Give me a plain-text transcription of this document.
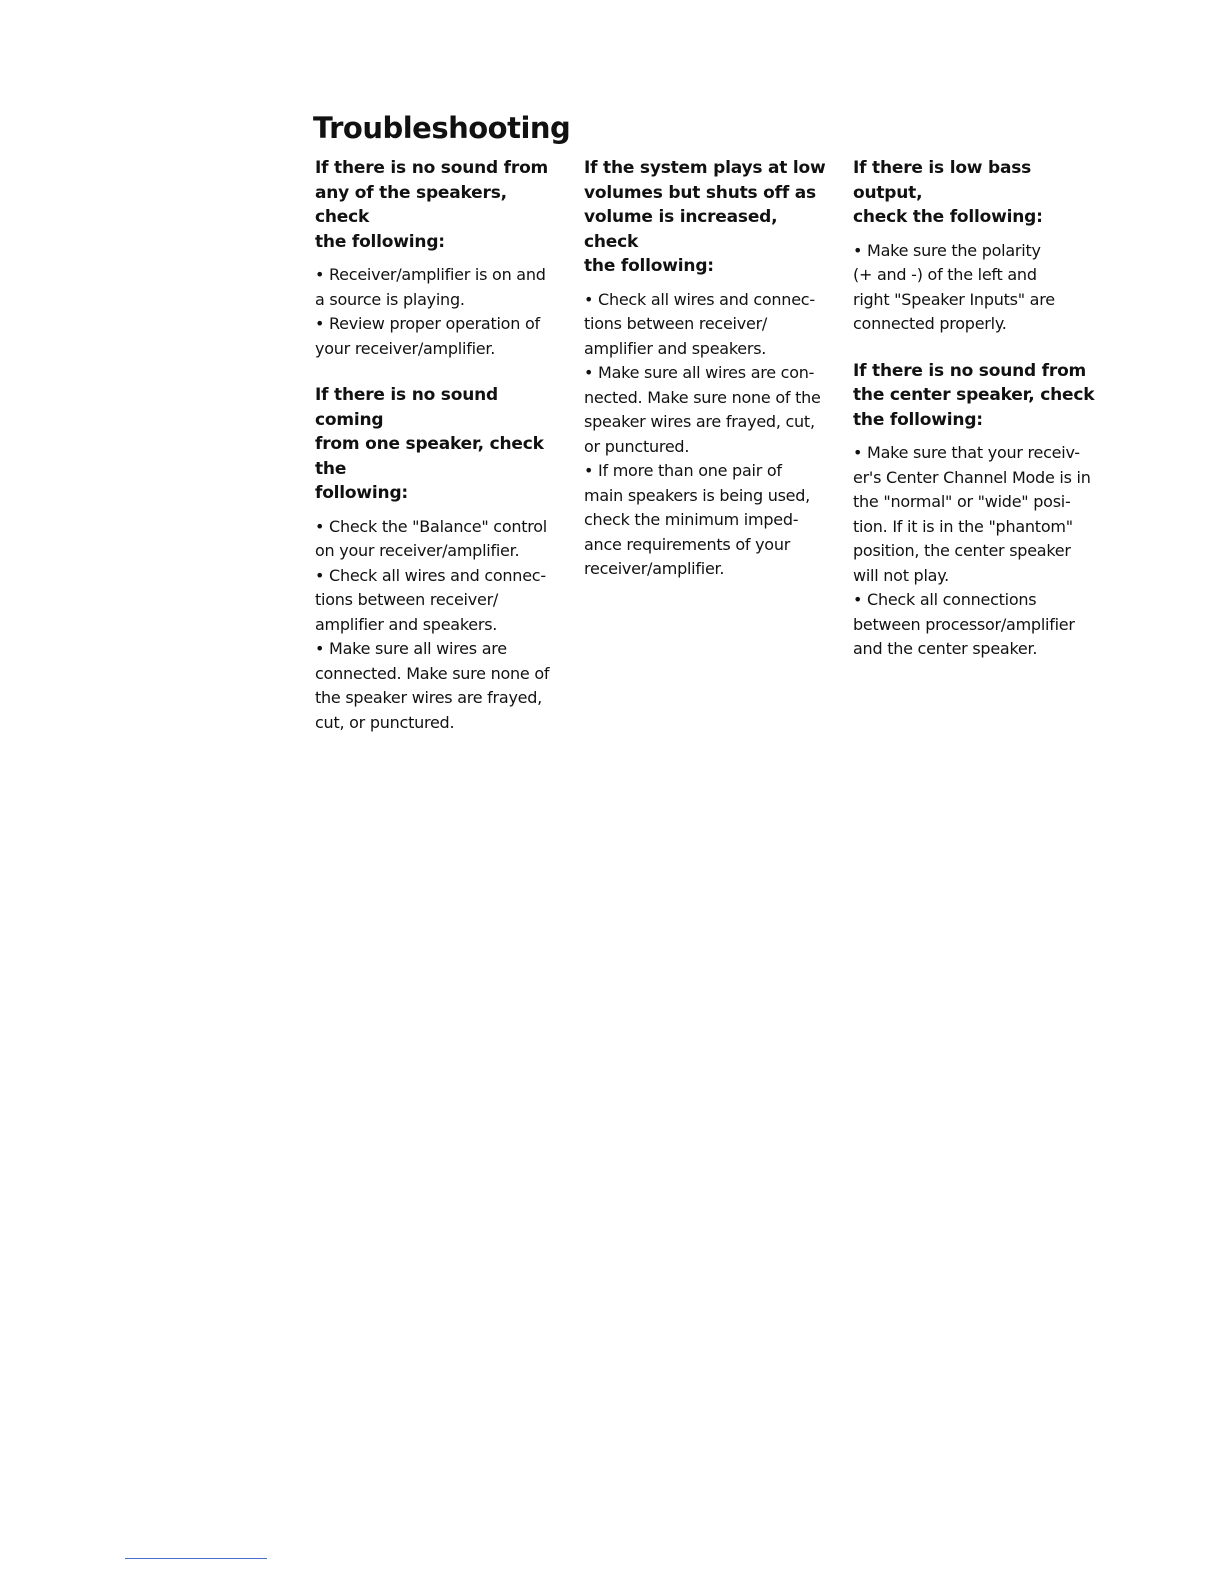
Troubleshooting

If there is no sound from
any of the speakers, check
the following:

• Receiver/amplifier is on and
a source is playing.

• Review proper operation of
your receiver/amplifier.

If there is no sound coming
from one speaker, check the
following:

• Check the "Balance" control
on your receiver/amplifier.

• Check all wires and connec-
tions between receiver/
amplifier and speakers.

• Make sure all wires are
connected. Make sure none of
the speaker wires are frayed,
cut, or punctured.

If the system plays at low
volumes but shuts off as
volume is increased, check
the following:

• Check all wires and connec-
tions between receiver/
amplifier and speakers.

• Make sure all wires are con-
nected. Make sure none of the
speaker wires are frayed, cut,
or punctured.

• If more than one pair of
main speakers is being used,
check the minimum imped-
ance requirements of your
receiver/amplifier.

If there is low bass output,
check the following:

• Make sure the polarity
(+ and -) of the left and
right "Speaker Inputs" are
connected properly.

If there is no sound from
the center speaker, check
the following:

• Make sure that your receiv-
er's Center Channel Mode is in
the "normal" or "wide" posi-
tion. If it is in the "phantom"
position, the center speaker
will not play.

• Check all connections
between processor/amplifier
and the center speaker.
